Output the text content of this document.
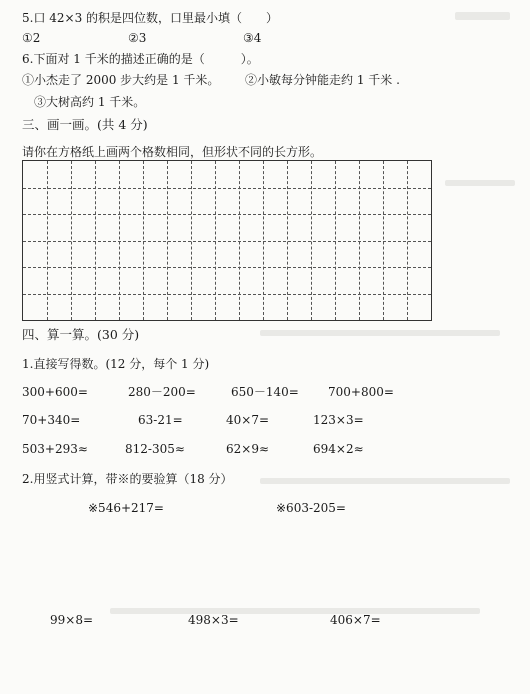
5.口 42×3 的积是四位数，口里最小填（　　）
①2	②3	③4
6.下面对 1 千米的描述正确的是（　　　）。
①小杰走了 2000 步大约是 1 千米。 ②小敏每分钟能走约 1 千米 .
③大树高约 1 千米。
三、画一画。(共 4 分)
请你在方格纸上画两个格数相同，但形状不同的长方形。
四、算一算。(30 分)
1.直接写得数。(12 分，每个 1 分)
300+600=	280－200=	650－140= 700+800=
70+340=	63-21=	40×7=	123×3=
503+293≈	812-305≈	62×9≈	694×2≈
2.用竖式计算，带※的要验算（18 分）
※546+217=	※603-205=
99×8=	498×3=	406×7=
